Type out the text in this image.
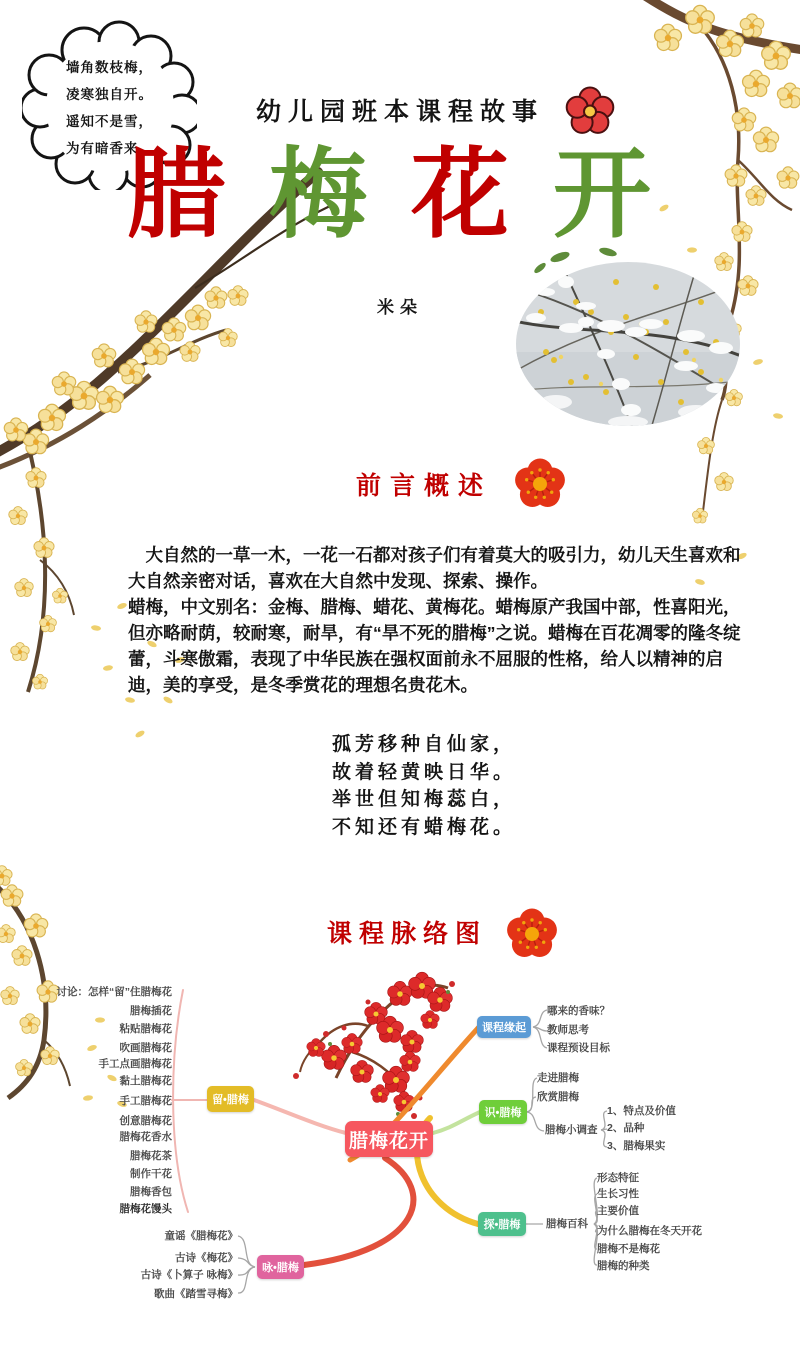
墙角数枝梅，
凌寒独自开。
遥知不是雪，
为有暗香来。
幼儿园班本课程故事
腊梅花开
米朵
前言概述

　大自然的一草一木，一花一石都对孩子们有着莫大的吸引力，幼儿天生喜欢和大自然亲密对话，喜欢在大自然中发现、探索、操作。

蜡梅，中文别名：金梅、腊梅、蜡花、黄梅花。蜡梅原产我国中部，性喜阳光，但亦略耐荫，较耐寒，耐旱，有“旱不死的腊梅”之说。蜡梅在百花凋零的隆冬绽蕾，斗寒傲霜，表现了中华民族在强权面前永不屈服的性格，给人以精神的启迪，美的享受，是冬季赏花的理想名贵花木。

孤芳移种自仙家，
故着轻黄映日华。
举世但知梅蕊白，
不知还有蜡梅花。
课程脉络图
腊梅花开
课程缘起
识•腊梅
探•腊梅
留•腊梅
咏•腊梅
哪来的香味？
教师思考
课程预设目标
走进腊梅
欣赏腊梅
腊梅小调查
1、特点及价值
2、品种
3、腊梅果实
腊梅百科
形态特征
生长习性
主要价值
为什么腊梅在冬天开花
腊梅不是梅花
腊梅的种类
讨论：怎样“留”住腊梅花
腊梅插花
粘贴腊梅花
吹画腊梅花
手工点画腊梅花
黏土腊梅花
手工腊梅花
创意腊梅花
腊梅花香水
腊梅花茶
制作干花
腊梅香包
腊梅花馒头
童谣《腊梅花》
古诗《梅花》
古诗《卜算子 咏梅》
歌曲《踏雪寻梅》
